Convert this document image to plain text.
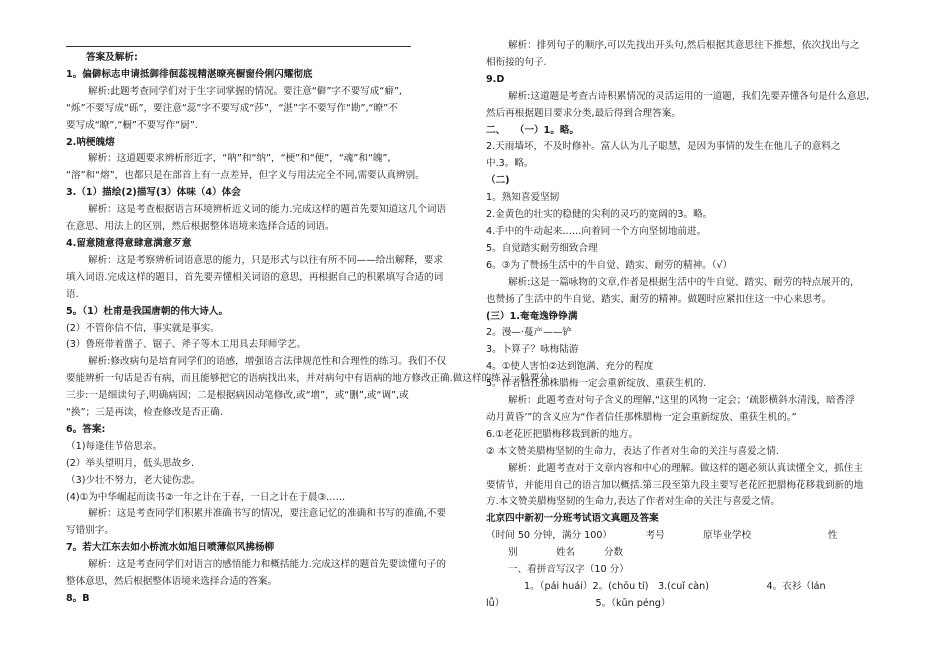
答案及解析:
1。偏僻标志申请抵御徘徊蕊视精湛暸亮橱窗伶俐闪耀彻底
解析:此题考查同学们对于生字词掌握的情况。要注意“僻”字不要写成“癖”,
“烁”不要写成“砾”，要注意“蕊”字不要写成“莎”，“湛”字不要写作“勘”,“暸”不
要写成“瞭”,“橱”不要写作“厨”.
2.呐梗魄熔
解析：这道题要求辨析形近字，“呐”和“纳”，“梗”和“便”，“魂”和“魄”,
“溶”和“熔”，也都只是在部首上有一点差异，但字义与用法完全不同,需要认真辨别。
3.（1）描绘(2)描写(3）体味（4）体会
解析：这是考查根据语言环境辨析近义词的能力.完成这样的题首先要知道这几个词语
在意思、用法上的区别，然后根据整体语境来选择合适的词语。
4.留意随意得意肆意满意歹意
解析：这是考察辨析词语意思的能力，只是形式与以往有所不同——给出解释，要求
填入词语.完成这样的题目，首先要弄懂相关词语的意思，再根据自己的积累填写合适的词
语.
5。（1）杜甫是我国唐朝的伟大诗人。
(2）不管你信不信，事实就是事实。
(3）鲁班带着凿子、锯子、斧子等木工用具去拜师学艺。
解析:修改病句是培育同学们的语感，增强语言法律规范性和合理性的练习。我们不仅
要能辨析一句话是否有病，而且能够把它的语病找出来，并对病句中有语病的地方修改正确.做这样的练习一般要分
三步:一是细读句子,明确病因；二是根据病因动笔修改,或“增”，或“删”,或“调”,或
“换”；三是再读，检查修改是否正确.
6。答案:
（1)每逢佳节倍思亲。
(2）举头望明月，低头思故乡.
（3)少壮不努力，老大徒伤悲。
(4)①为中华崛起而读书②一年之计在于春，一日之计在于晨③……
解析：这是考查同学们积累并准确书写的情况，要注意记忆的准确和书写的准确,不要
写错别字。
7。若大江东去如小桥流水如旭日喷薄似风拂杨柳
解析：这是考查同学们对语言的感悟能力和概括能力.完成这样的题首先要读懂句子的
整体意思，然后根据整体语境来选择合适的答案。
8。B
解析：排列句子的顺序,可以先找出开头句,然后根据其意思往下推想，依次找出与之
相衔接的句子.
9.D
解析:这道题是考查古诗积累情况的灵活运用的一道题，我们先要弄懂各句是什么意思,
然后再根据题目要求分类,最后得到合理答案。
二、　　（一）1。略。
2.天雨墙坏，不及时修补。富人认为儿子聪慧，是因为事情的发生在他儿子的意料之
中.3。略。
（二)
1。熟知喜爱坚韧
2.金黄色的壮实的稳健的尖利的灵巧的宽阔的3。略。
4.手中的牛动起来……向着同一个方向坚韧地前进。
5。自觉踏实耐劳细致合理
6。③为了赞扬生活中的牛自觉、踏实、耐劳的精神。（√）
解析:这是一篇咏物的文章,作者是根据生活中的牛自觉、踏实、耐劳的特点展开的，
也赞扬了生活中的牛自觉、踏实、耐劳的精神。做题时应紧扣住这一中心来思考。
(三）1.奄奄逸铮铮满
2。漫—·蔓产——铲
3。卜算子？咏梅陆游
4。①使人害怕②达到饱满、充分的程度
5。作者信任那株腊梅一定会重新绽放、重获生机的.
解析：此题考查对句子含义的理解,“这里的风物一定会；‘疏影横斜水清浅，暗香浮
动月黄昏’”的含义应为“作者信任那株腊梅一定会重新绽放、重获生机的。”
6.①老花匠把腊梅移栽到新的地方。
② 本文赞美腊梅坚韧的生命力，表达了作者对生命的关注与喜爱之情.
解析：此题考查对于文章内容和中心的理解。做这样的题必须认真读懂全文，抓住主
要情节，并能用自己的语言加以概括.第三段至第九段主要写老花匠把腊梅花移栽到新的地
方.本文赞美腊梅坚韧的生命力,表达了作者对生命的关注与喜爱之情。
北京四中新初一分班考试语文真题及答案
（时间 50 分钟，满分 100）　　　　考号　　　　原毕业学校　　　　　　　　性
别　　　　姓名　　　分数
一、看拼音写汉字（10 分）
1。（pái huái）2。(chōu tí)　3.(cuǐ càn)　　　　　　4。衣衫（lán
lǚ）　　　　　　　　　　5。（kūn péng）
